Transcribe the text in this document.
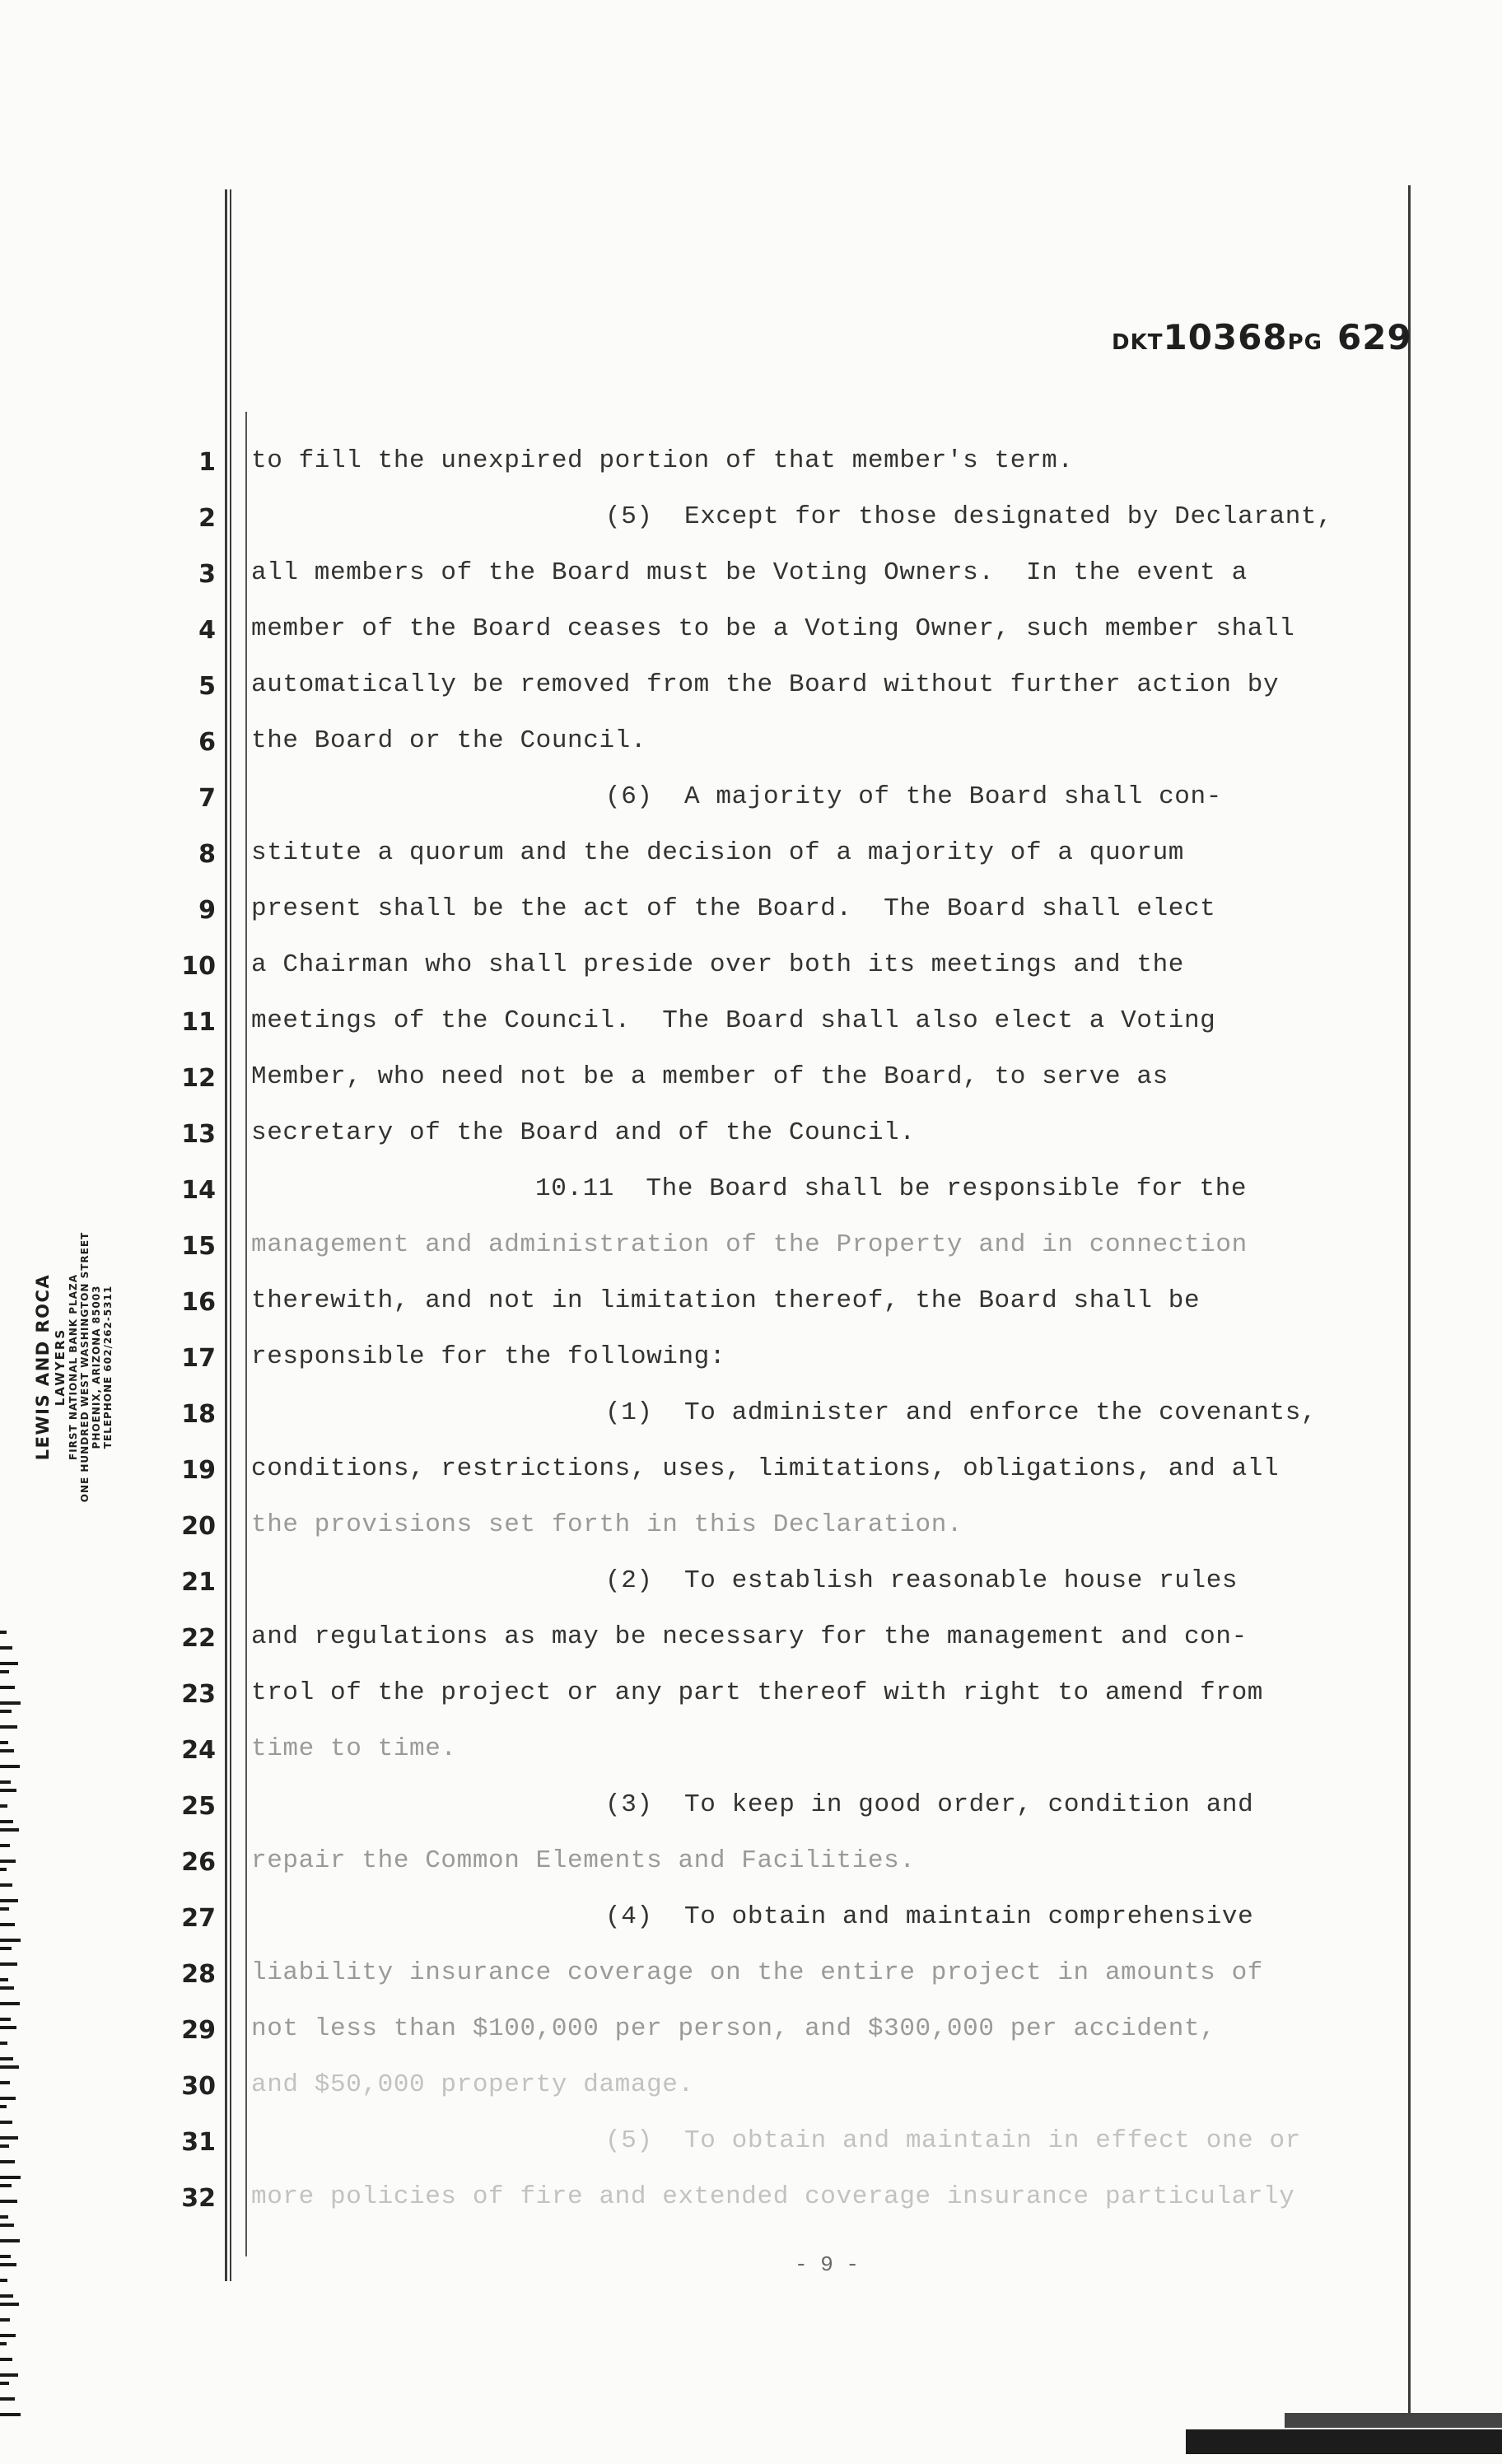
DKT10368PG 629
1 to fill the unexpired portion of that member's term.
2	(5)  Except for those designated by Declarant,
3 all members of the Board must be Voting Owners.  In the event a
4 member of the Board ceases to be a Voting Owner, such member shall
5 automatically be removed from the Board without further action by
6 the Board or the Council.
7	(6)  A majority of the Board shall con-
8 stitute a quorum and the decision of a majority of a quorum
9 present shall be the act of the Board.  The Board shall elect
10 a Chairman who shall preside over both its meetings and the
11 meetings of the Council.  The Board shall also elect a Voting
12 Member, who need not be a member of the Board, to serve as
13 secretary of the Board and of the Council.
14	10.11  The Board shall be responsible for the
15 management and administration of the Property and in connection
16 therewith, and not in limitation thereof, the Board shall be
17 responsible for the following:
18	(1)  To administer and enforce the covenants,
19 conditions, restrictions, uses, limitations, obligations, and all
20 the provisions set forth in this Declaration.
21	(2)  To establish reasonable house rules
22 and regulations as may be necessary for the management and con-
23 trol of the project or any part thereof with right to amend from
24 time to time.
25	(3)  To keep in good order, condition and
26 repair the Common Elements and Facilities.
27	(4)  To obtain and maintain comprehensive
28 liability insurance coverage on the entire project in amounts of
29 not less than $100,000 per person, and $300,000 per accident,
30 and $50,000 property damage.
31	(5)  To obtain and maintain in effect one or
32 more policies of fire and extended coverage insurance particularly
LEWIS AND ROCA LAWYERS FIRST NATIONAL BANK PLAZA ONE HUNDRED WEST WASHINGTON STREET PHOENIX, ARIZONA 85003 TELEPHONE 602/262-5311
- 9 -
